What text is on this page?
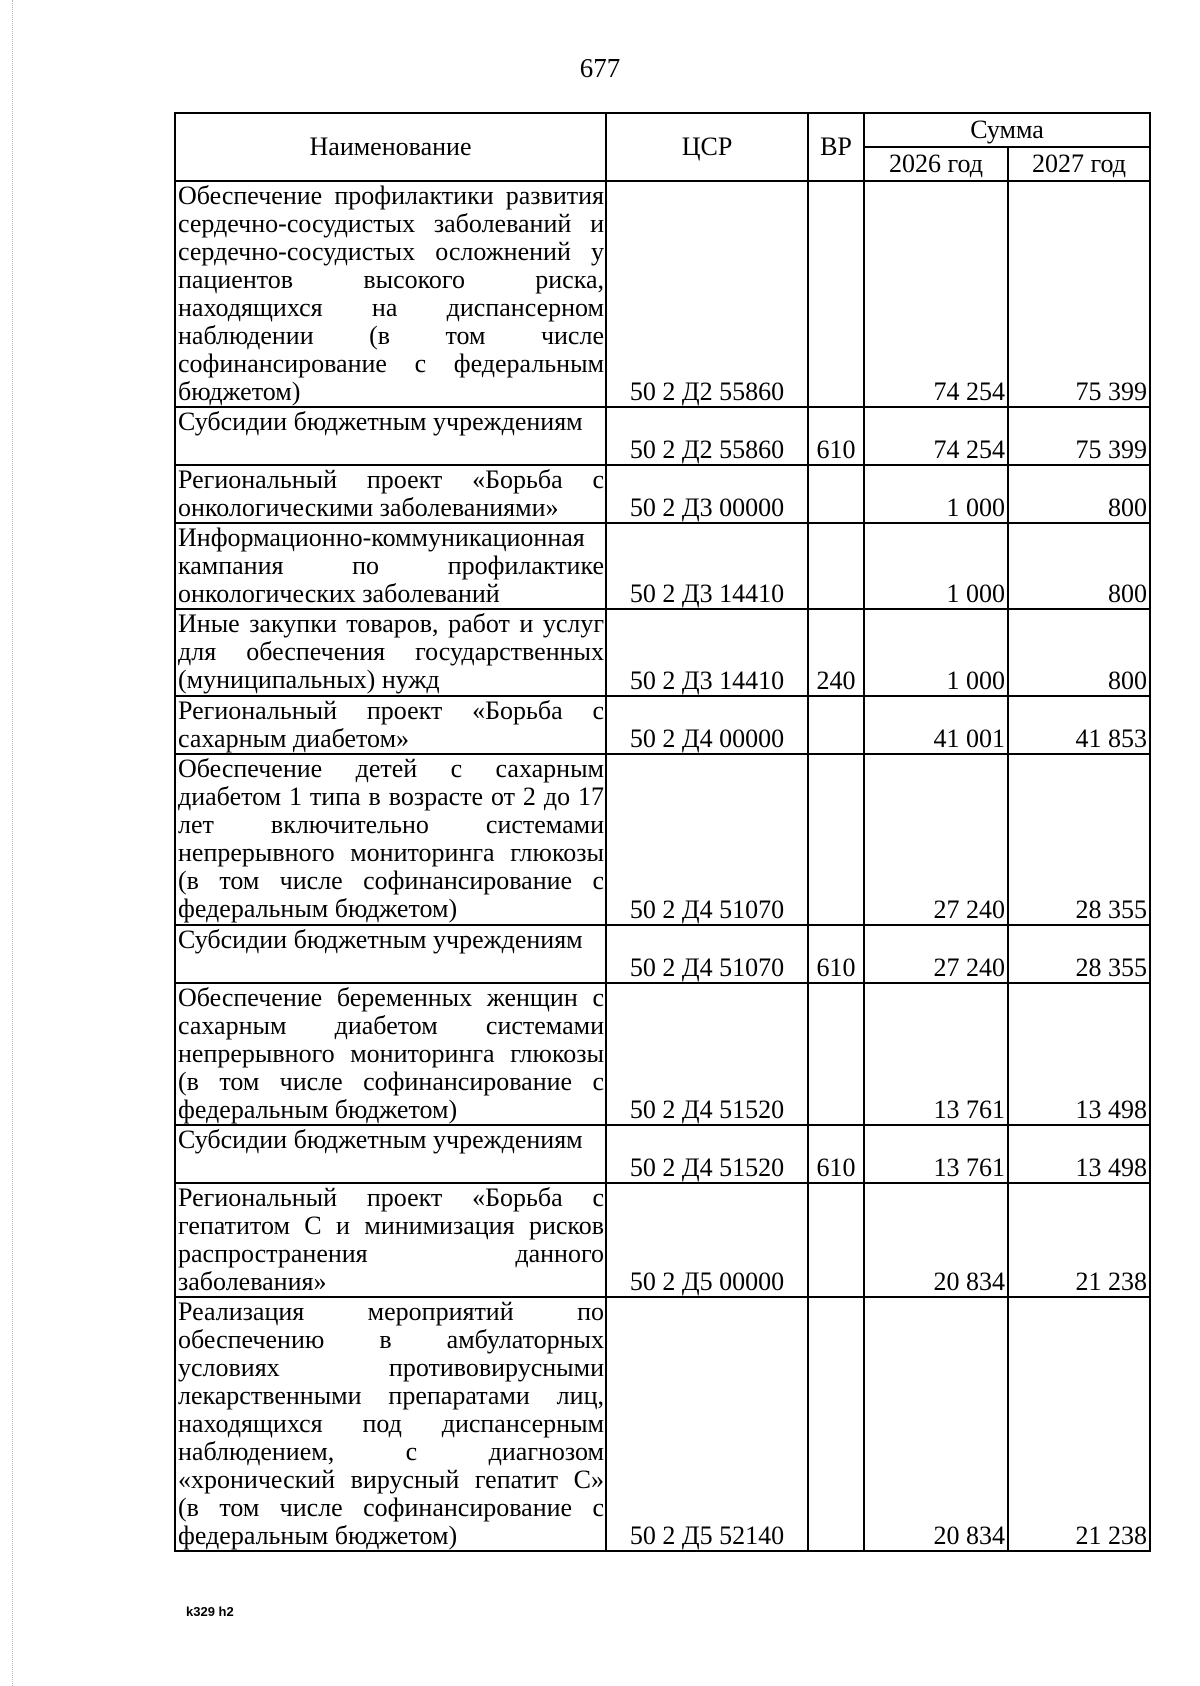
677
Наименование	ЦСР	ВР	Сумма	
			2026 год	2027 год
Обеспечение профилактики развития сердечно-сосудистых заболеваний и сердечно-сосудистых осложнений у пациентов высокого риска, находящихся на диспансерном наблюдении (в том числе софинансирование с федеральным бюджетом)	50 2 Д2 55860		74 254	75 399
Субсидии бюджетным учреждениям	50 2 Д2 55860	610	74 254	75 399
Региональный проект «Борьба с онкологическими заболеваниями»	50 2 Д3 00000		1 000	800
Информационно-коммуникационная кампания по профилактике онкологических заболеваний	50 2 Д3 14410		1 000	800
Иные закупки товаров, работ и услуг для обеспечения государственных (муниципальных) нужд	50 2 Д3 14410	240	1 000	800
Региональный проект «Борьба с сахарным диабетом»	50 2 Д4 00000		41 001	41 853
Обеспечение детей с сахарным диабетом 1 типа в возрасте от 2 до 17 лет включительно системами непрерывного мониторинга глюкозы (в том числе софинансирование с федеральным бюджетом)	50 2 Д4 51070		27 240	28 355
Субсидии бюджетным учреждениям	50 2 Д4 51070	610	27 240	28 355
Обеспечение беременных женщин с сахарным диабетом системами непрерывного мониторинга глюкозы (в том числе софинансирование с федеральным бюджетом)	50 2 Д4 51520		13 761	13 498
Субсидии бюджетным учреждениям	50 2 Д4 51520	610	13 761	13 498
Региональный проект «Борьба с гепатитом С и минимизация рисков распространения данного заболевания»	50 2 Д5 00000		20 834	21 238
Реализация мероприятий по обеспечению в амбулаторных условиях противовирусными лекарственными препаратами лиц, находящихся под диспансерным наблюдением, с диагнозом «хронический вирусный гепатит С» (в том числе софинансирование с федеральным бюджетом)	50 2 Д5 52140		20 834	21 238
k329 h2
